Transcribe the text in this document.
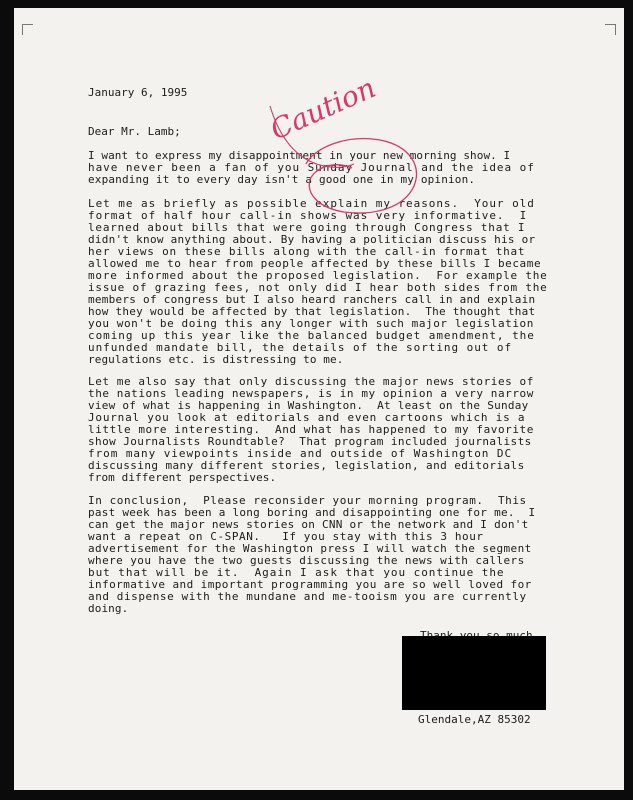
January 6, 1995
Dear Mr. Lamb;
I want to express my disappointment in your new morning show. I
have never been a fan of you Sunday Journal and the idea of
expanding it to every day isn't a good one in my opinion.
Let me as briefly as possible explain my reasons.  Your old
format of half hour call-in shows was very informative.  I
learned about bills that were going through Congress that I
didn't know anything about. By having a politician discuss his or
her views on these bills along with the call-in format that
allowed me to hear from people affected by these bills I became
more informed about the proposed legislation.  For example the
issue of grazing fees, not only did I hear both sides from the
members of congress but I also heard ranchers call in and explain
how they would be affected by that legislation.  The thought that
you won't be doing this any longer with such major legislation
coming up this year like the balanced budget amendment, the
unfunded mandate bill, the details of the sorting out of
regulations etc. is distressing to me.
Let me also say that only discussing the major news stories of
the nations leading newspapers, is in my opinion a very narrow
view of what is happening in Washington.  At least on the Sunday
Journal you look at editorials and even cartoons which is a
little more interesting.  And what has happened to my favorite
show Journalists Roundtable?  That program included journalists
from many viewpoints inside and outside of Washington DC
discussing many different stories, legislation, and editorials
from different perspectives.
In conclusion,  Please reconsider your morning program.  This
past week has been a long boring and disappointing one for me.  I
can get the major news stories on CNN or the network and I don't
want a repeat on C-SPAN.   If you stay with this 3 hour
advertisement for the Washington press I will watch the segment
where you have the two guests discussing the news with callers
but that will be it.  Again I ask that you continue the
informative and important programming you are so well loved for
and dispense with the mundane and me-tooism you are currently
doing.
Glendale,AZ 85302
Caution
